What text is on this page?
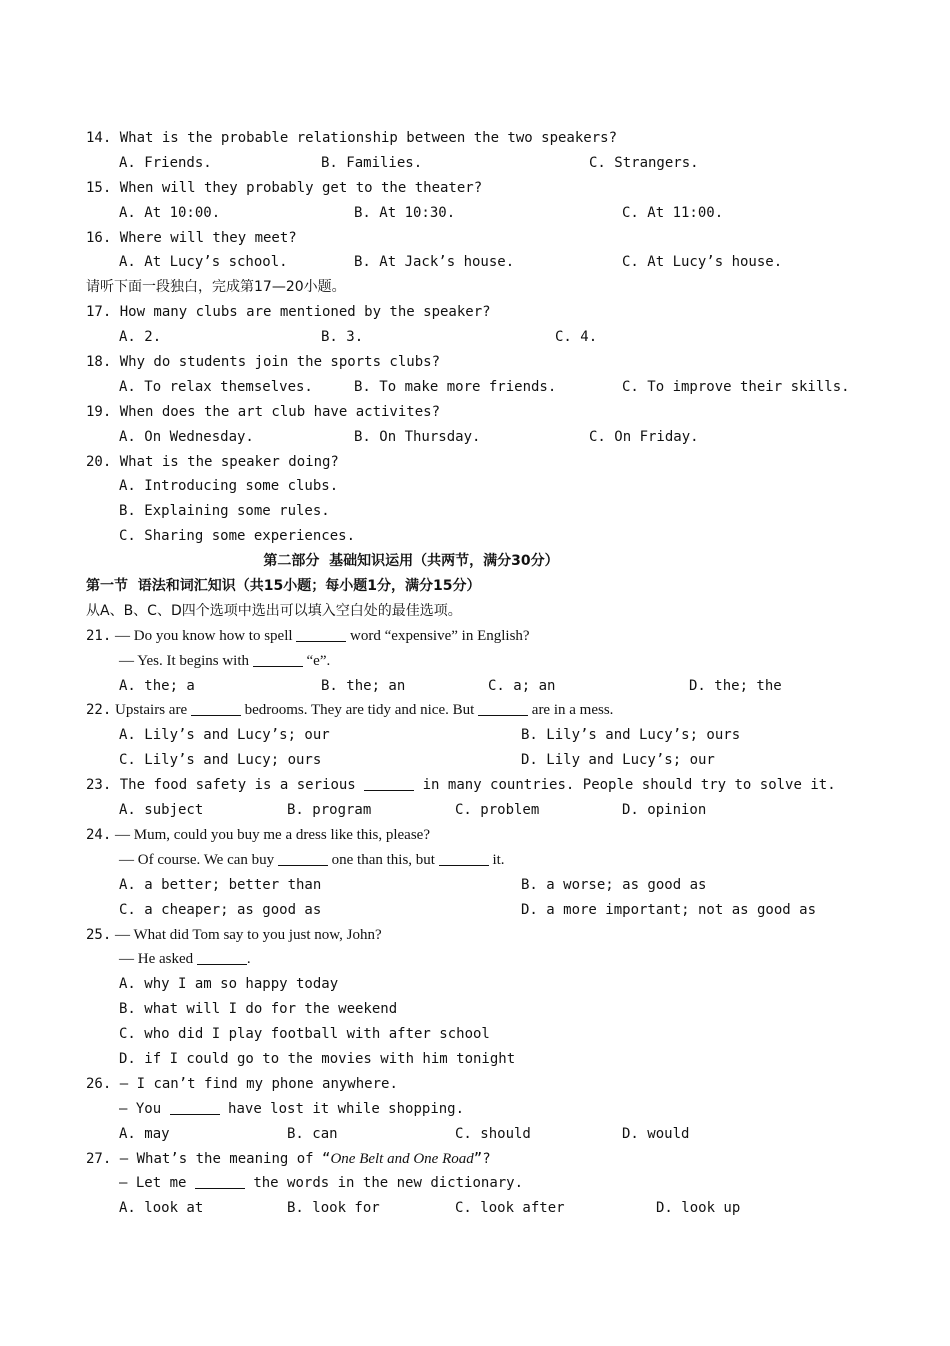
14. What is the probable relationship between the two speakers?

A. Friends.

	B. Families.

	C. Strangers.

15. When will they probably get to the theater?

A. At 10:00.

	B. At 10:30.

	C. At 11:00.

16. Where will they meet?

A. At Lucy’s school.

	B. At Jack’s house.

	C. At Lucy’s house.

请听下面一段独白，完成第17—20小题。
17. How many clubs are mentioned by the speaker?

A. 2.

	B. 3.

	C. 4.

18. Why do students join the sports clubs?

A. To relax themselves.

	B. To make more friends.

	C. To improve their skills.

19. When does the art club have activites?

A. On Wednesday.

	B. On Thursday.

	C. On Friday.

20. What is the speaker doing?
A. Introducing some clubs.
B. Explaining some rules.
C. Sharing some experiences.
第二部分  基础知识运用（共两节，满分30分）
第一节  语法和词汇知识（共15小题；每小题1分，满分15分）
从A、B、C、D四个选项中选出可以填入空白处的最佳选项。
21. — Do you know how to spell	word “expensive” in English?
— Yes. It begins with	“e”.

A. the; a

	B. the; an

	C. a; an

	D. the; the

22. Upstairs are	bedrooms. They are tidy and nice. But	are in a mess.

A. Lily’s and Lucy’s; our

	B. Lily’s and Lucy’s; ours

C. Lily’s and Lucy; ours

	D. Lily and Lucy’s; our

23. The food safety is a serious	in many countries. People should try to solve it.

A. subject

	B. program

	C. problem

	D. opinion

24. — Mum, could you buy me a dress like this, please?
— Of course. We can buy	one than this, but	it.

A. a better; better than

	B. a worse; as good as

C. a cheaper; as good as

	D. a more important; not as good as

25. — What did Tom say to you just now, John?
— He asked	.
A. why I am so happy today
B. what will I do for the weekend
C. who did I play football with after school
D. if I could go to the movies with him tonight
26. — I can’t find my phone anywhere.
— You	have lost it while shopping.

A. may

	B. can

	C. should

	D. would

27. — What’s the meaning of “One Belt and One Road”?
— Let me	the words in the new dictionary.

A. look at

	B. look for

	C. look after

	D. look up
